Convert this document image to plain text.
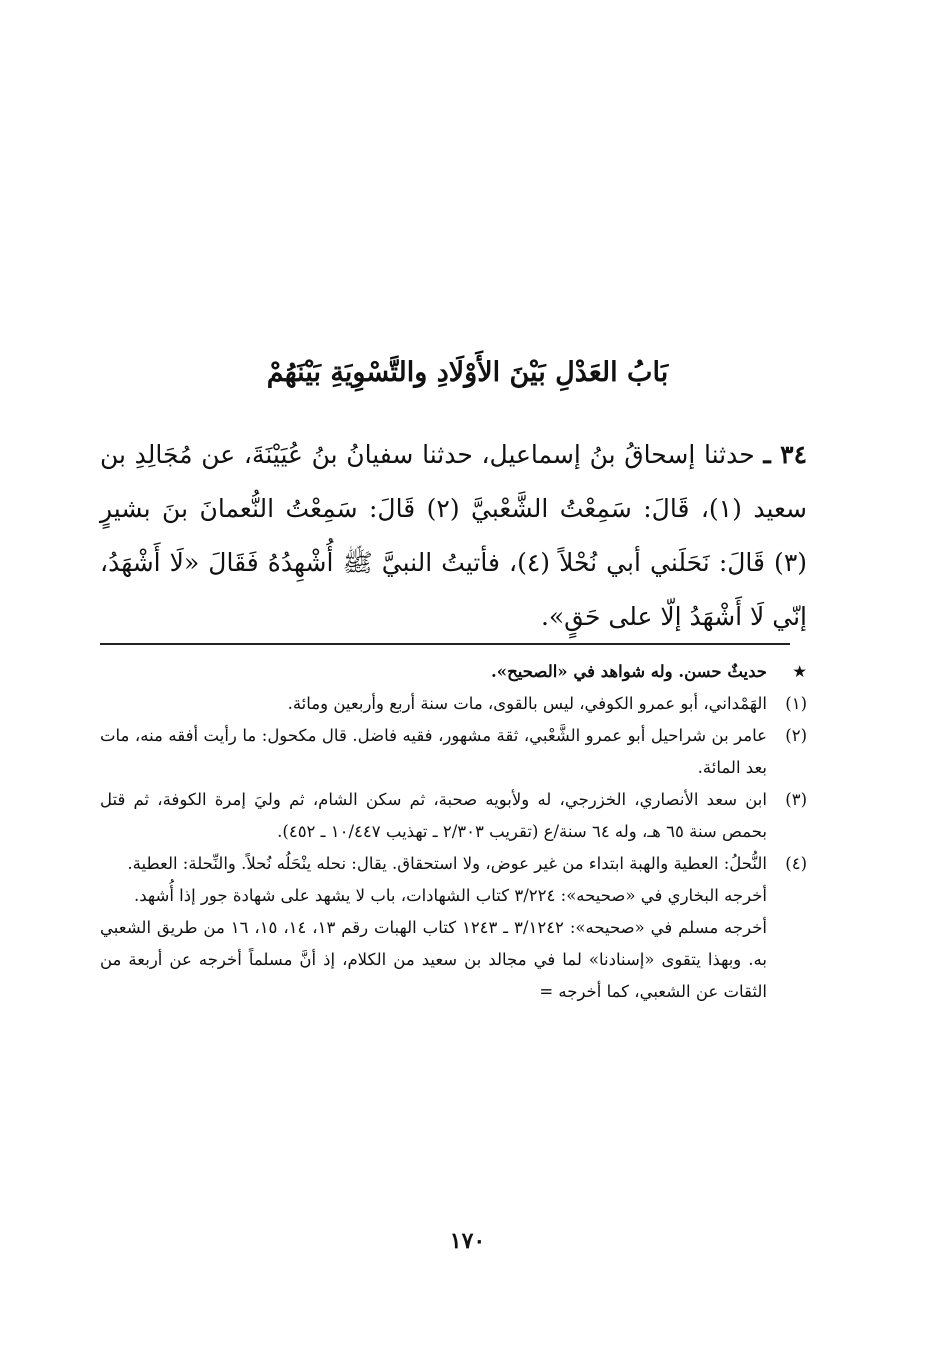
بَابُ العَدْلِ بَيْنَ الأَوْلَادِ والتَّسْوِيَةِ بَيْنَهُمْ
٣٤ ـ حدثنا إسحاقُ بنُ إسماعيل، حدثنا سفيانُ بنُ عُيَيْنَةَ، عن مُجَالِدِ بن سعيد (١)، قَالَ: سَمِعْتُ الشَّعْبيَّ (٢) قَالَ: سَمِعْتُ النُّعمانَ بنَ بشيرٍ (٣) قَالَ: نَحَلَني أبي نُحْلاً (٤)، فأتيتُ النبيَّ ﷺ أُشْهِدُهُ فَقَالَ «لَا أَشْهَدُ، إنّي لَا أَشْهَدُ إلّا على حَقٍ».
★
حديثٌ حسن. وله شواهد في «الصحيح».
(١)
الهَمْداني، أبو عمرو الكوفي، ليس بالقوى، مات سنة أربع وأربعين ومائة.
(٢)
عامر بن شراحيل أبو عمرو الشَّعْبي، ثقة مشهور، فقيه فاضل. قال مكحول: ما رأيت أفقه منه، مات بعد المائة.
(٣)
ابن سعد الأنصاري، الخزرجي، له ولأبويه صحبة، ثم سكن الشام، ثم وليَ إمرة الكوفة، ثم قتل بحمص سنة ٦٥ هـ، وله ٦٤ سنة/ع (تقريب ٢/٣٠٣ ـ تهذيب ١٠/٤٤٧ ـ ٤٥٢).
(٤)
النُّحلُ: العطية والهبة ابتداء من غير عوض، ولا استحقاق. يقال: نحله ينْحَلُه نُحلاً. والنِّحلة: العطية.
أخرجه البخاري في «صحيحه»: ٣/٢٢٤ كتاب الشهادات، باب لا يشهد على شهادة جور إذا أُشهد.
أخرجه مسلم في «صحيحه»: ٣/١٢٤٢ ـ ١٢٤٣ كتاب الهبات رقم ١٣، ١٤، ١٥، ١٦ من طريق الشعبي به. وبهذا يتقوى «إسنادنا» لما في مجالد بن سعيد من الكلام، إذ أنَّ مسلماً أخرجه عن أربعة من الثقات عن الشعبي، كما أخرجه =
١٧٠
